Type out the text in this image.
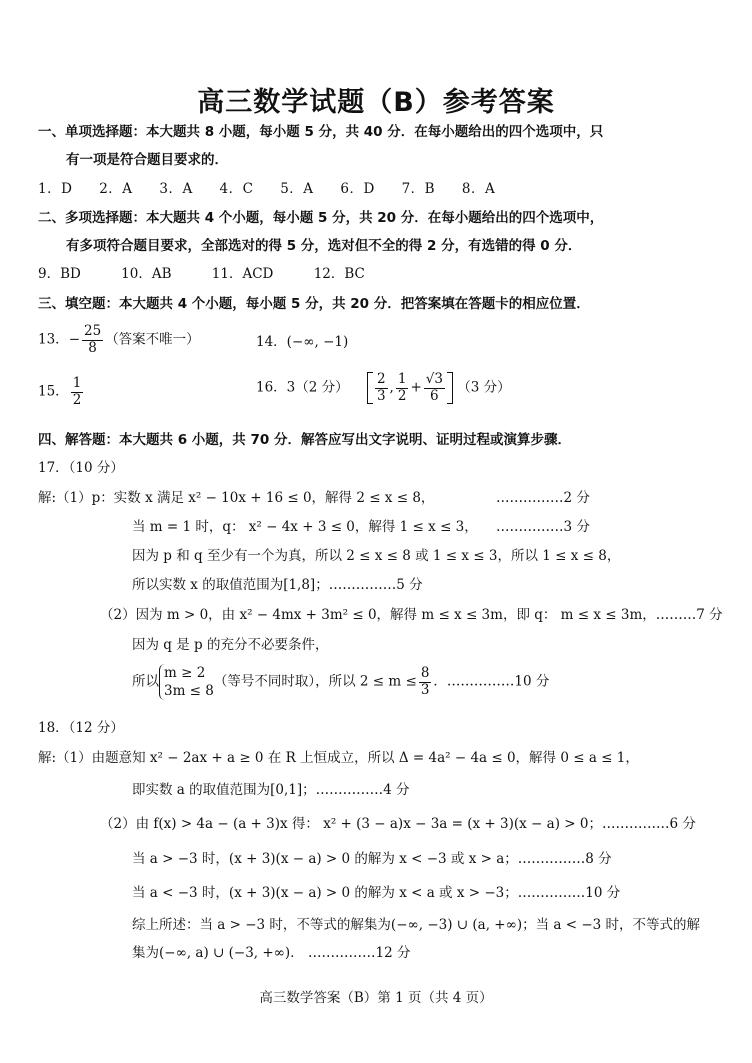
高三数学试题（B）参考答案
一、单项选择题：本大题共 8 小题，每小题 5 分，共 40 分．在每小题给出的四个选项中，只
有一项是符合题目要求的．
1．D 2．A 3．A 4．C 5．A 6．D 7．B 8．A
二、多项选择题：本大题共 4 个小题，每小题 5 分，共 20 分．在每小题给出的四个选项中，
有多项符合题目要求，全部选对的得 5 分，选对但不全的得 2 分，有选错的得 0 分．
9．BD	10．AB	11．ACD	12．BC
三、填空题：本大题共 4 个小题，每小题 5 分，共 20 分．把答案填在答题卡的相应位置．
13．− $\frac{25}{8}$ （答案不唯一）	14．(−∞, −1)
15． $\frac{1}{2}$	16．3（2 分） $\frac{2}{3}$ , $\frac{1}{2} + \frac{√3}{6} (3$ 分）
四、解答题：本大题共 6 小题，共 70 分．解答应写出文字说明、证明过程或演算步骤．
17．（10 分）
解:（1）p：实数 x 满足 x² − 10x + 16 ≤ 0，解得 2 ≤ x ≤ 8，	……………2 分
当 m = 1 时，q： x² − 4x + 3 ≤ 0，解得 1 ≤ x ≤ 3， ……………3 分
因为 p 和 q 至少有一个为真，所以 2 ≤ x ≤ 8 或 1 ≤ x ≤ 3，所以 1 ≤ x ≤ 8，
所以实数 x 的取值范围为[1,8]；……………5 分
（2）因为 m > 0，由 x² − 4mx + 3m² ≤ 0，解得 m ≤ x ≤ 3m，即 q： m ≤ x ≤ 3m，………7 分
因为 q 是 p 的充分不必要条件，
所以
m ≥ 2
3m ≤ 8
（等号不同时取），所以 $2 \le m \le \frac{8}{3}$ ．……………10 分
18．（12 分）
解:（1）由题意知 x² − 2ax + a ≥ 0 在 R 上恒成立，所以 Δ = 4a² − 4a ≤ 0，解得 0 ≤ a ≤ 1，
即实数 a 的取值范围为[0,1]；……………4 分
（2）由 f(x) > 4a − (a + 3)x 得： x² + (3 − a)x − 3a = (x + 3)(x − a) > 0；……………6 分
当 a > −3 时，(x + 3)(x − a) > 0 的解为 x < −3 或 x > a；……………8 分
当 a < −3 时，(x + 3)(x − a) > 0 的解为 x < a 或 x > −3；……………10 分
综上所述：当 a > −3 时，不等式的解集为(−∞, −3) ∪ (a, +∞)；当 a < −3 时，不等式的解
集为(−∞, a) ∪ (−3, +∞)． ……………12 分
高三数学答案（B）第 1 页（共 4 页）
